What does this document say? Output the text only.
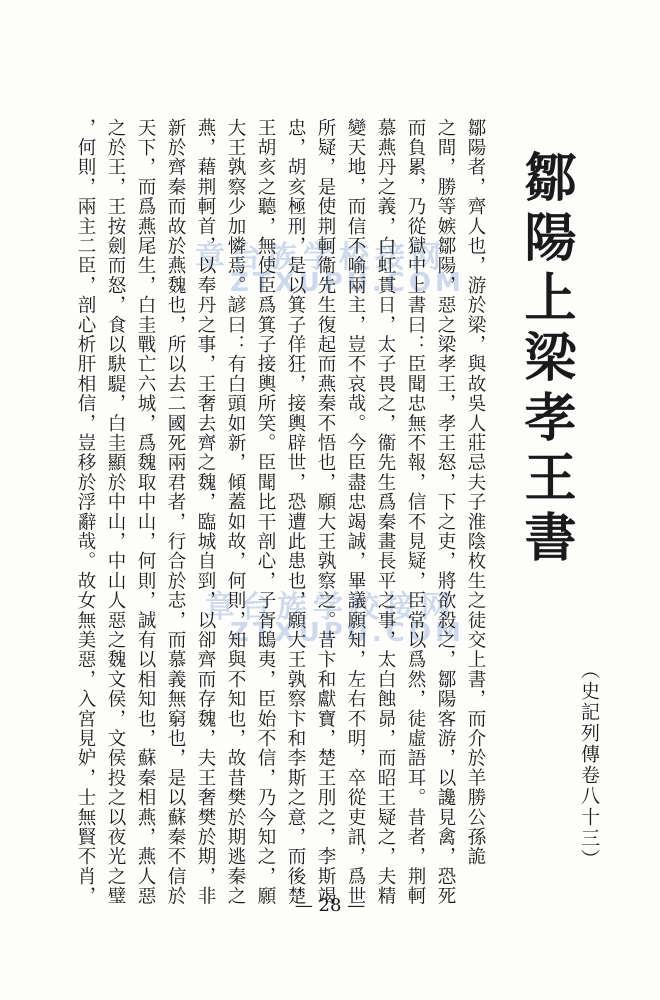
章台族学校接网
ZTXUPU.COM
章台族学校接网
ZTXUPU.COM
鄒陽上梁孝王書
（史記列傳卷八十三）
鄒陽者，齊人也，游於梁，與故吳人莊忌夫子淮陰枚生之徒交上書，而介於羊勝公孫詭
之間，勝等嫉鄒陽，惡之梁孝王，孝王怒，下之吏，將欲殺之，鄒陽客游，以讒見禽，恐死
而負累，乃從獄中上書曰：臣聞忠無不報，信不見疑，臣常以爲然，徒虛語耳。昔者，荆軻
慕燕丹之義，白虹貫日，太子畏之，衞先生爲秦畫長平之事，太白蝕昴，而昭王疑之，夫精
變天地，而信不喻兩主，豈不哀哉。今臣盡忠竭誠，畢議願知，左右不明，卒從吏訊，爲世
所疑，是使荆軻衞先生復起而燕秦不悟也，願大王孰察之。昔卞和獻寶，楚王刖之，李斯竭
忠，胡亥極刑，是以箕子佯狂，接輿辟世，恐遭此患也，願大王孰察卞和李斯之意，而後楚
王胡亥之聽，無使臣爲箕子接輿所笑。臣聞比干剖心，子胥鴟夷，臣始不信，乃今知之，願
大王孰察少加憐焉。諺曰：有白頭如新，傾蓋如故，何則，知與不知也，故昔樊於期逃秦之
燕，藉荆軻首，以奉丹之事，王奢去齊之魏，臨城自剄，以卻齊而存魏，夫王奢樊於期，非
新於齊秦而故於燕魏也，所以去二國死兩君者，行合於志，而慕義無窮也，是以蘇秦不信於
天下，而爲燕尾生，白圭戰亡六城，爲魏取中山，何則，誠有以相知也，蘇秦相燕，燕人惡
之於王，王按劍而怒，食以駃騠，白圭顯於中山，中山人惡之魏文侯，文侯投之以夜光之璧
，何則，兩主二臣，剖心析肝相信，豈移於浮辭哉。故女無美惡，入宮見妒，士無賢不肖，	— 28 —
